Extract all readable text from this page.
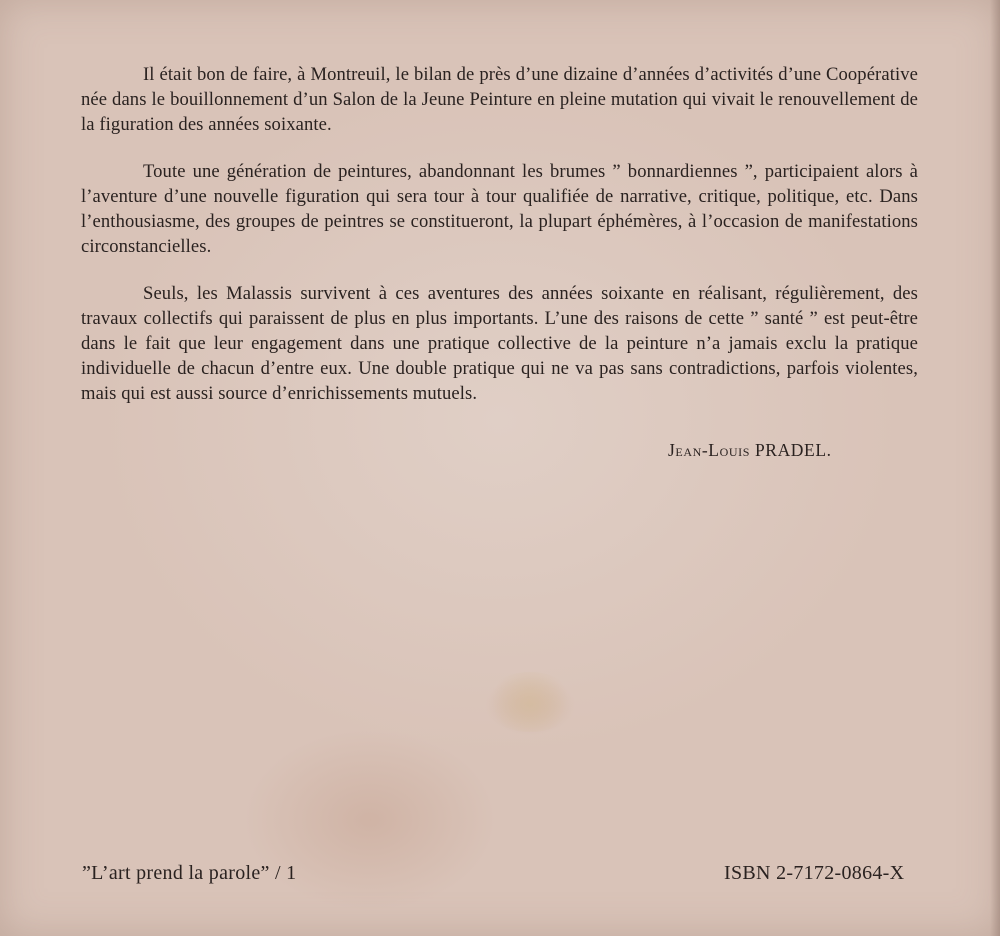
Il était bon de faire, à Montreuil, le bilan de près d’une dizaine d’années d’activités d’une Coopérative née dans le bouillonnement d’un Salon de la Jeune Peinture en pleine mutation qui vivait le renouvellement de la figuration des années soixante.

Toute une génération de peintures, abandonnant les brumes ” bonnardiennes ”, participaient alors à l’aventure d’une nouvelle figuration qui sera tour à tour qualifiée de narrative, critique, politique, etc. Dans l’enthousiasme, des groupes de peintres se constitueront, la plupart éphémères, à l’occasion de manifestations circonstancielles.

Seuls, les Malassis survivent à ces aventures des années soixante en réalisant, régulièrement, des travaux collectifs qui paraissent de plus en plus importants. L’une des raisons de cette ” santé ” est peut-être dans le fait que leur engagement dans une pratique collective de la peinture n’a jamais exclu la pratique individuelle de chacun d’entre eux. Une double pratique qui ne va pas sans contradictions, parfois violentes, mais qui est aussi source d’enrichissements mutuels.

Jean-Louis PRADEL.
”L’art prend la parole” / 1	ISBN 2-7172-0864-X
